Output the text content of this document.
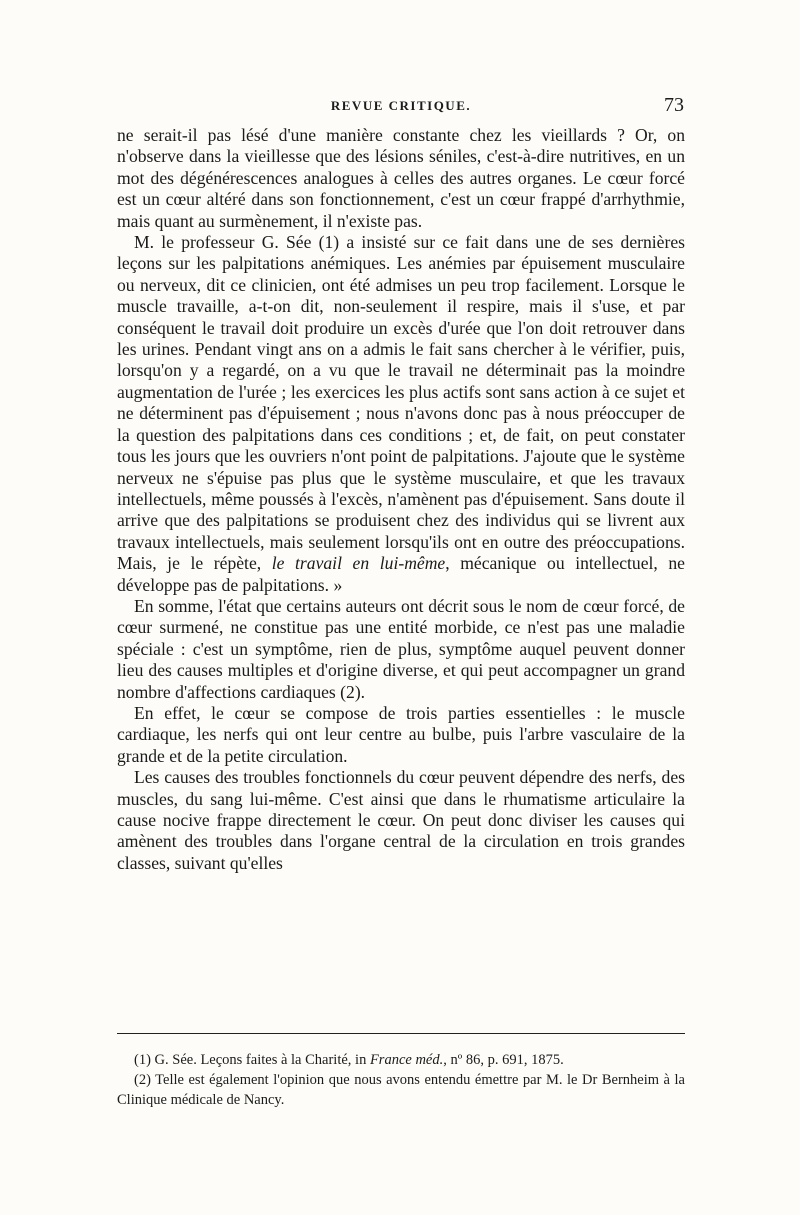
REVUE CRITIQUE.	73

ne serait-il pas lésé d'une manière constante chez les vieillards ? Or, on n'observe dans la vieillesse que des lésions séniles, c'est-à-dire nutritives, en un mot des dégénérescences analogues à celles des autres organes. Le cœur forcé est un cœur altéré dans son fonctionnement, c'est un cœur frappé d'arrhythmie, mais quant au surmènement, il n'existe pas.

M. le professeur G. Sée (1) a insisté sur ce fait dans une de ses dernières leçons sur les palpitations anémiques. Les anémies par épuisement musculaire ou nerveux, dit ce clinicien, ont été admises un peu trop facilement. Lorsque le muscle travaille, a-t-on dit, non-seulement il respire, mais il s'use, et par conséquent le travail doit produire un excès d'urée que l'on doit retrouver dans les urines. Pendant vingt ans on a admis le fait sans chercher à le vérifier, puis, lorsqu'on y a regardé, on a vu que le travail ne déterminait pas la moindre augmentation de l'urée ; les exercices les plus actifs sont sans action à ce sujet et ne déterminent pas d'épuisement ; nous n'avons donc pas à nous préoccuper de la question des palpitations dans ces conditions ; et, de fait, on peut constater tous les jours que les ouvriers n'ont point de palpitations. J'ajoute que le système nerveux ne s'épuise pas plus que le système musculaire, et que les travaux intellectuels, même poussés à l'excès, n'amènent pas d'épuisement. Sans doute il arrive que des palpitations se produisent chez des individus qui se livrent aux travaux intellectuels, mais seulement lorsqu'ils ont en outre des préoccupations. Mais, je le répète, le travail en lui-même, mécanique ou intellectuel, ne développe pas de palpitations. »

En somme, l'état que certains auteurs ont décrit sous le nom de cœur forcé, de cœur surmené, ne constitue pas une entité morbide, ce n'est pas une maladie spéciale : c'est un symptôme, rien de plus, symptôme auquel peuvent donner lieu des causes multiples et d'origine diverse, et qui peut accompagner un grand nombre d'affections cardiaques (2).

En effet, le cœur se compose de trois parties essentielles : le muscle cardiaque, les nerfs qui ont leur centre au bulbe, puis l'arbre vasculaire de la grande et de la petite circulation.

Les causes des troubles fonctionnels du cœur peuvent dépendre des nerfs, des muscles, du sang lui-même. C'est ainsi que dans le rhumatisme articulaire la cause nocive frappe directement le cœur. On peut donc diviser les causes qui amènent des troubles dans l'organe central de la circulation en trois grandes classes, suivant qu'elles

(1) G. Sée. Leçons faites à la Charité, in France méd., nº 86, p. 691, 1875.

(2) Telle est également l'opinion que nous avons entendu émettre par M. le Dr Bernheim à la Clinique médicale de Nancy.
